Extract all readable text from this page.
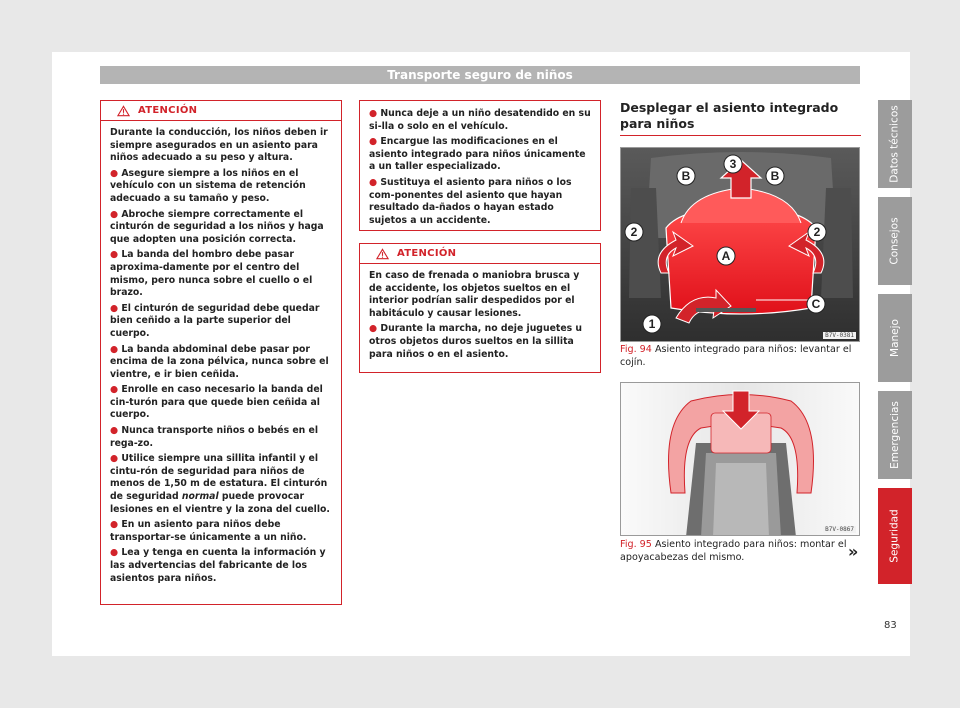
Transporte seguro de niños
ATENCIÓN

Durante la conducción, los niños deben ir siempre asegurados en un asiento para niños adecuado a su peso y altura.

● Asegure siempre a los niños en el vehículo con un sistema de retención adecuado a su tamaño y peso.

● Abroche siempre correctamente el cinturón de seguridad a los niños y haga que adopten una posición correcta.

● La banda del hombro debe pasar aproxima-damente por el centro del mismo, pero nunca sobre el cuello o el brazo.

● El cinturón de seguridad debe quedar bien ceñido a la parte superior del cuerpo.

● La banda abdominal debe pasar por encima de la zona pélvica, nunca sobre el vientre, e ir bien ceñida.

● Enrolle en caso necesario la banda del cin-turón para que quede bien ceñida al cuerpo.

● Nunca transporte niños o bebés en el rega-zo.

● Utilice siempre una sillita infantil y el cintu-rón de seguridad para niños de menos de 1,50 m de estatura. El cinturón de seguridad normal puede provocar lesiones en el vientre y la zona del cuello.

● En un asiento para niños debe transportar-se únicamente a un niño.

● Lea y tenga en cuenta la información y las advertencias del fabricante de los asientos para niños.

● Nunca deje a un niño desatendido en su si-lla o solo en el vehículo.

● Encargue las modificaciones en el asiento integrado para niños únicamente a un taller especializado.

● Sustituya el asiento para niños o los com-ponentes del asiento que hayan resultado da-ñados o hayan estado sujetos a un accidente.

ATENCIÓN

En caso de frenada o maniobra brusca y de accidente, los objetos sueltos en el interior podrían salir despedidos por el habitáculo y causar lesiones.

● Durante la marcha, no deje juguetes u otros objetos duros sueltos en la sillita para niños o en el asiento.

Desplegar el asiento integrado para niños
1
2	2
3
A
B	B
C
B7V-0381
Fig. 94 Asiento integrado para niños: levantar el cojín.
B7V-0867
Fig. 95 Asiento integrado para niños: montar el apoyacabezas del mismo.	»
Datos técnicos
Consejos
Manejo
Emergencias
Seguridad
83
